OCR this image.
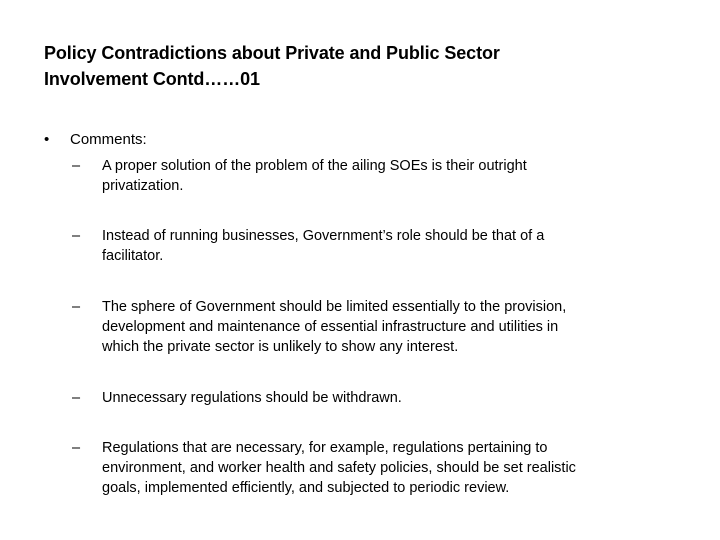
Policy Contradictions about Private and Public Sector
Involvement Contd……01
• Comments:
–	A proper solution of the problem of the ailing SOEs is their outright
privatization.
–	Instead of running businesses, Government’s role should be that of a
facilitator.
–	The sphere of Government should be limited essentially to the provision,
development and maintenance of essential infrastructure and utilities in
which the private sector is unlikely to show any interest.
–	Unnecessary regulations should be withdrawn.
–	Regulations that are necessary, for example, regulations pertaining to
environment, and worker health and safety policies, should be set realistic
goals, implemented efficiently, and subjected to periodic review.
